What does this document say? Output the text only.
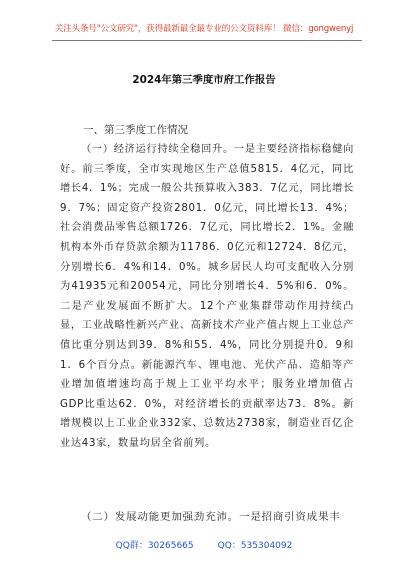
关注头条号"公文研究"，获得最新最全最专业的公文资料库！ 微信：gongwenyj
2024年第三季度市府工作报告
一、第三季度工作情况

（一）经济运行持续全稳回升。一是主要经济指标稳健向好。前三季度，全市实现地区生产总值5815．4亿元，同比增长4．1%；完成一般公共预算收入383．7亿元，同比增长9．7%；固定资产投资2801．0亿元，同比增长13．4%；社会消费品零售总额1726．7亿元，同比增长2．1%。金融机构本外币存贷款余额为11786．0亿元和12724．8亿元，分别增长6．4%和14．0%。城乡居民人均可支配收入分别为41935元和20054元，同比分别增长4．5%和6．0%。二是产业发展面不断扩大。12个产业集群带动作用持续凸显，工业战略性新兴产业、高新技术产业产值占规上工业总产值比重分别达到39．8%和55．4%，同比分别提升0．9和1．6个百分点。新能源汽车、锂电池、光伏产品、造船等产业增加值增速均高于规上工业平均水平；服务业增加值占GDP比重达62．0%，对经济增长的贡献率达73．8%。新增规模以上工业企业332家、总数达2738家，制造业百亿企业达43家，数量均居全省前列。

（二）发展动能更加强劲充沛。一是招商引资成果丰
QQ群：30265665	QQ：535304092
